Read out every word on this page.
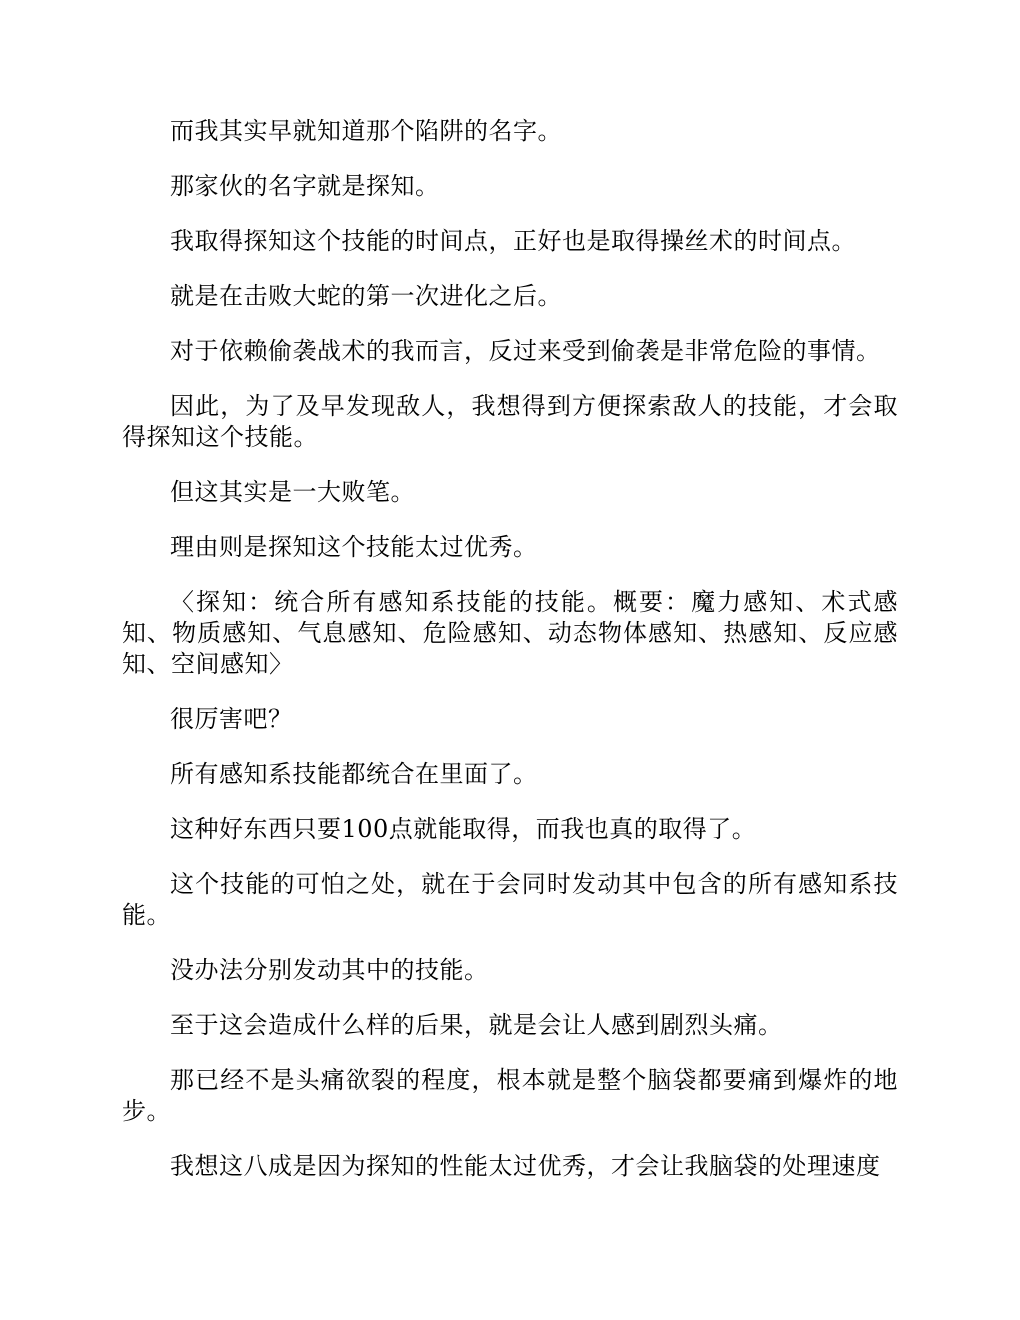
而我其实早就知道那个陷阱的名字。

那家伙的名字就是探知。

我取得探知这个技能的时间点，正好也是取得操丝术的时间点。

就是在击败大蛇的第一次进化之后。

对于依赖偷袭战术的我而言，反过来受到偷袭是非常危险的事情。

因此，为了及早发现敌人，我想得到方便探索敌人的技能，才会取得探知这个技能。

但这其实是一大败笔。

理由则是探知这个技能太过优秀。

〈探知：统合所有感知系技能的技能。概要：魔力感知、术式感知、物质感知、气息感知、危险感知、动态物体感知、热感知、反应感知、空间感知〉

很厉害吧？

所有感知系技能都统合在里面了。

这种好东西只要100点就能取得，而我也真的取得了。

这个技能的可怕之处，就在于会同时发动其中包含的所有感知系技能。

没办法分别发动其中的技能。

至于这会造成什么样的后果，就是会让人感到剧烈头痛。

那已经不是头痛欲裂的程度，根本就是整个脑袋都要痛到爆炸的地步。

我想这八成是因为探知的性能太过优秀，才会让我脑袋的处理速度
